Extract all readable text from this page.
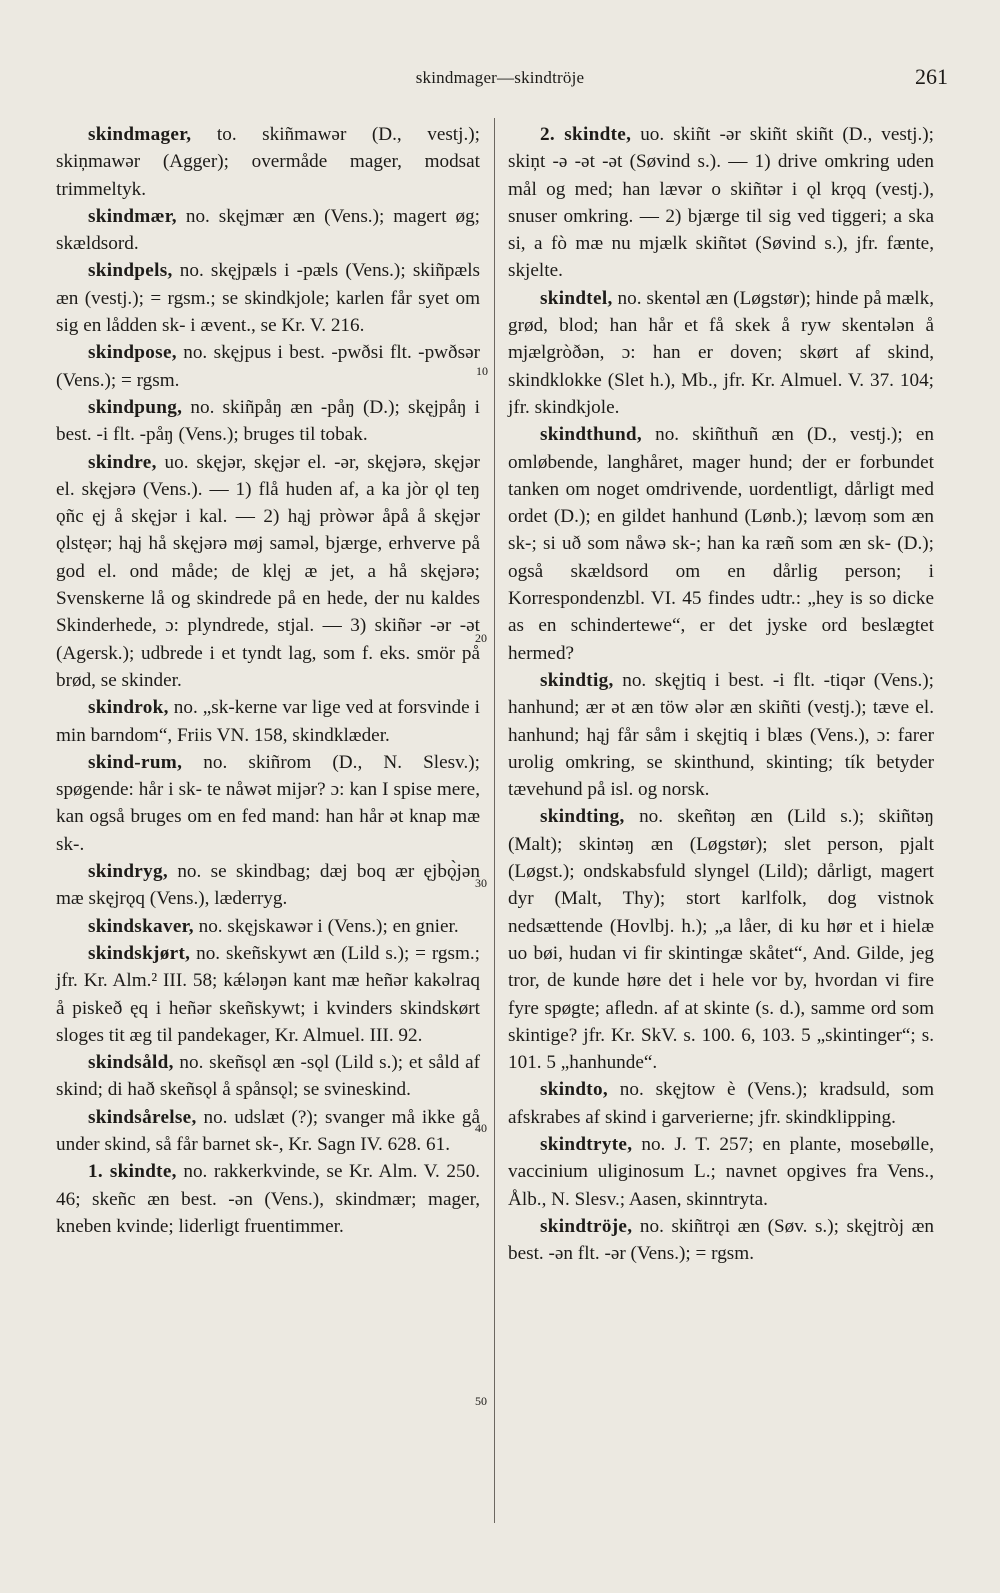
skindmager—skindtröje	261
10
20
30
40
50

skindmager, to. skiñmawər (D., vestj.); skiņmawər (Agger); overmåde mager, modsat trimmeltyk.

skindmær, no. skęjmær æn (Vens.); magert øg; skældsord.

skindpels, no. skęjpæls i -pæls (Vens.); skiñpæls æn (vestj.); = rgsm.; se skindkjole; karlen får syet om sig en lådden sk- i ævent., se Kr. V. 216.

skindpose, no. skęjpus i best. -pwðsi flt. -pwðsər (Vens.); = rgsm.

skindpung, no. skiñpåŋ æn -påŋ (D.); skęjpåŋ i best. -i flt. -påŋ (Vens.); bruges til tobak.

skindre, uo. skęjər, skęjər el. -ər, skęjərə, skęjər el. skęjərə (Vens.). — 1) flå huden af, a ka jòr ǫl teŋ ǫñc ęj å skęjər i kal. — 2) hąj pròwər åpå å skęjər ǫlstęər; hąj hå skęjərə møj saməl, bjærge, erhverve på god el. ond måde; de klęj æ jet, a hå skęjərə; Svenskerne lå og skindrede på en hede, der nu kaldes Skinderhede, ɔ: plyndrede, stjal. — 3) skiñər -ər -ət (Agersk.); udbrede i et tyndt lag, som f. eks. smör på brød, se skinder.

skindrok, no. „sk-kerne var lige ved at forsvinde i min barndom“, Friis VN. 158, skindklæder.

skind-rum, no. skiñrom (D., N. Slesv.); spøgende: hår i sk- te nåwət mijər? ɔ: kan I spise mere, kan også bruges om en fed mand: han hår ət knap mæ sk-.

skindryg, no. se skindbag; dæj boq ær ęjbǫ̀jən mæ skęjrǫq (Vens.), læderryg.

skindskaver, no. skęjskawər i (Vens.); en gnier.

skindskjørt, no. skeñskywt æn (Lild s.); = rgsm.; jfr. Kr. Alm.² III. 58; kǽləŋən kant mæ heñər kakəlraq å piskeð ęq i heñər skeñskywt; i kvinders skindskørt sloges tit æg til pandekager, Kr. Almuel. III. 92.

skindsåld, no. skeñsǫl æn -sǫl (Lild s.); et såld af skind; di hað skeñsǫl å spånsǫl; se svineskind.

skindsårelse, no. udslæt (?); svanger må ikke gå under skind, så får barnet sk-, Kr. Sagn IV. 628. 61.

1. skindte, no. rakkerkvinde, se Kr. Alm. V. 250. 46; skeñc æn best. -ən (Vens.), skindmær; mager, kneben kvinde; liderligt fruentimmer.

2. skindte, uo. skiñt -ər skiñt skiñt (D., vestj.); skiņt -ə -ət -ət (Søvind s.). — 1) drive omkring uden mål og med; han lævər o skiñtər i ǫl krǫq (vestj.), snuser omkring. — 2) bjærge til sig ved tiggeri; a ska si, a fò mæ nu mjælk skiñtət (Søvind s.), jfr. fænte, skjelte.

skindtel, no. skentəl æn (Løgstør); hinde på mælk, grød, blod; han hår et få skek å ryw skentələn å mjælgròðən, ɔ: han er doven; skørt af skind, skindklokke (Slet h.), Mb., jfr. Kr. Almuel. V. 37. 104; jfr. skindkjole.

skindthund, no. skiñthuñ æn (D., vestj.); en omløbende, langhåret, mager hund; der er forbundet tanken om noget omdrivende, uordentligt, dårligt med ordet (D.); en gildet hanhund (Lønb.); lævoṃ som æn sk-; si uð som nåwə sk-; han ka ræñ som æn sk- (D.); også skældsord om en dårlig person; i Korrespondenzbl. VI. 45 findes udtr.: „hey is so dicke as en schindertewe“, er det jyske ord beslægtet hermed?

skindtig, no. skęjtiq i best. -i flt. -tiqər (Vens.); hanhund; ær ət æn töw ələr æn skiñti (vestj.); tæve el. hanhund; hąj får såm i skęjtiq i blæs (Vens.), ɔ: farer urolig omkring, se skinthund, skinting; tík betyder tævehund på isl. og norsk.

skindting, no. skeñtəŋ æn (Lild s.); skiñtəŋ (Malt); skintəŋ æn (Løgstør); slet person, pjalt (Løgst.); ondskabsfuld slyngel (Lild); dårligt, magert dyr (Malt, Thy); stort karlfolk, dog vistnok nedsættende (Hovlbj. h.); „a låer, di ku hør et i hielæ uo bøi, hudan vi fir skintingæ skåtet“, And. Gilde, jeg tror, de kunde høre det i hele vor by, hvordan vi fire fyre spøgte; afledn. af at skinte (s. d.), samme ord som skintige? jfr. Kr. SkV. s. 100. 6, 103. 5 „skintinger“; s. 101. 5 „hanhunde“.

skindto, no. skęjtow è (Vens.); kradsuld, som afskrabes af skind i garverierne; jfr. skindklipping.

skindtryte, no. J. T. 257; en plante, mosebølle, vaccinium uliginosum L.; navnet opgives fra Vens., Ålb., N. Slesv.; Aasen, skinntryta.

skindtröje, no. skiñtrǫi æn (Søv. s.); skęjtròj æn best. -ən flt. -ər (Vens.); = rgsm.
